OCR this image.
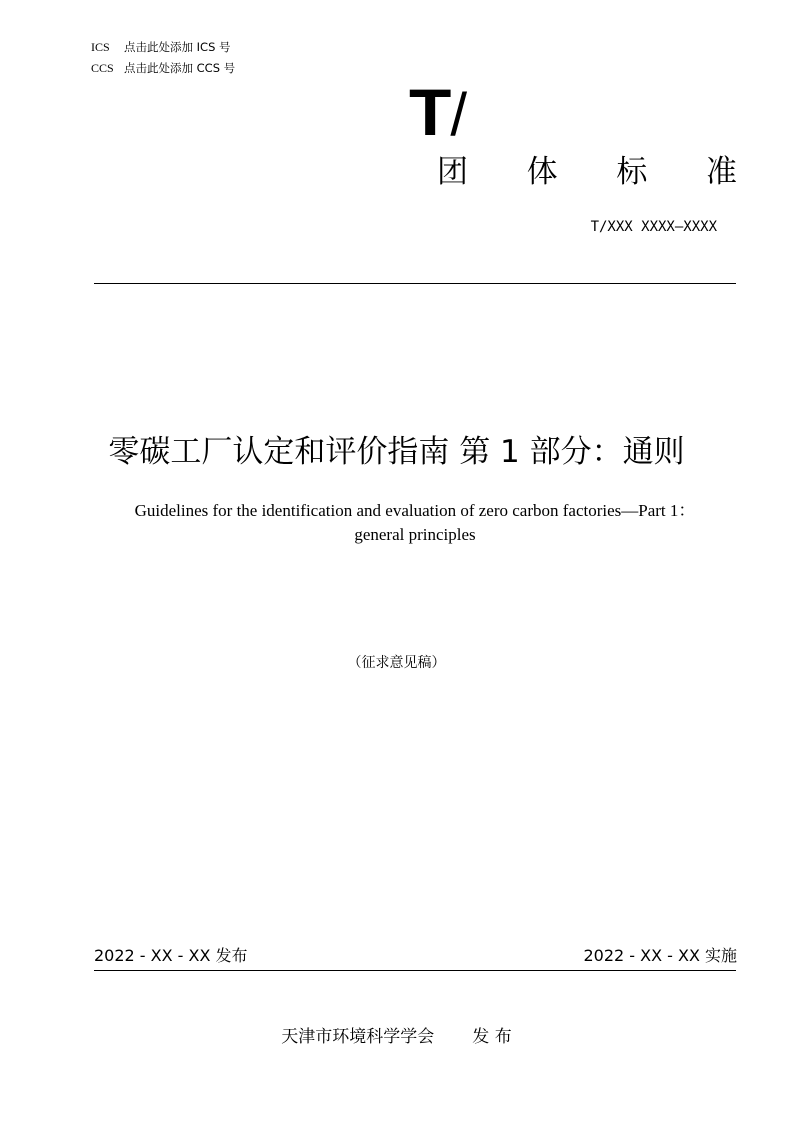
ICS 点击此处添加 ICS 号
CCS 点击此处添加 CCS 号
T/
团 体 标 准
T/XXX XXXX—XXXX
零碳工厂认定和评价指南 第 1 部分：通则
Guidelines for the identification and evaluation of zero carbon factories—Part 1：
general principles
（征求意见稿）
2022 - XX - XX 发布	2022 - XX - XX 实施
天津市环境科学学会 发 布
